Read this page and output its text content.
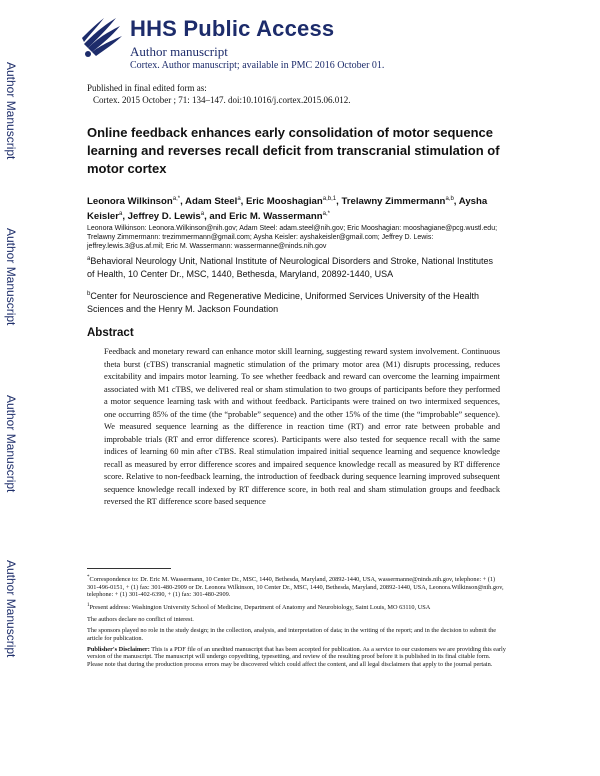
Author Manuscript
Author Manuscript
Author Manuscript
Author Manuscript
HHS Public Access
Author manuscript
Cortex. Author manuscript; available in PMC 2016 October 01.
Published in final edited form as:
Cortex. 2015 October ; 71: 134–147. doi:10.1016/j.cortex.2015.06.012.
Online feedback enhances early consolidation of motor sequence learning and reverses recall deficit from transcranial stimulation of motor cortex
Leonora Wilkinson$^{a,*}$, Adam Steel$^a$, Eric Mooshagian$^{a,b,1}$, Trelawny Zimmermann$^{a,b}$, Aysha Keisler$^a$, Jeffrey D. Lewis$^a$, and Eric M. Wassermann$^{a,*}$
Leonora Wilkinson: Leonora.Wilkinson@nih.gov; Adam Steel: adam.steel@nih.gov; Eric Mooshagian: mooshagianе@pcg.wustl.edu; Trelawny Zimmermann: trezimmermann@gmail.com; Aysha Keisler: ayshakeisler@gmail.com; Jeffrey D. Lewis: jeffrey.lewis.3@us.af.mil; Eric M. Wassermann: wassermanne@ninds.nih.gov
$^a$Behavioral Neurology Unit, National Institute of Neurological Disorders and Stroke, National Institutes of Health, 10 Center Dr., MSC, 1440, Bethesda, Maryland, 20892-1440, USA
$^b$Center for Neuroscience and Regenerative Medicine, Uniformed Services University of the Health Sciences and the Henry M. Jackson Foundation
Abstract
Feedback and monetary reward can enhance motor skill learning, suggesting reward system involvement. Continuous theta burst (cTBS) transcranial magnetic stimulation of the primary motor area (M1) disrupts processing, reduces excitability and impairs motor learning. To see whether feedback and reward can overcome the learning impairment associated with M1 cTBS, we delivered real or sham stimulation to two groups of participants before they performed a motor sequence learning task with and without feedback. Participants were trained on two intermixed sequences, one occurring 85% of the time (the “probable” sequence) and the other 15% of the time (the “improbable” sequence). We measured sequence learning as the difference in reaction time (RT) and error rate between probable and improbable trials (RT and error difference scores). Participants were also tested for sequence recall with the same indices of learning 60 min after cTBS. Real stimulation impaired initial sequence learning and sequence knowledge recall as measured by error difference scores and impaired sequence knowledge recall as measured by RT difference score. Relative to non-feedback learning, the introduction of feedback during sequence learning improved subsequent sequence knowledge recall indexed by RT difference score, in both real and sham stimulation groups and feedback reversed the RT difference score based sequence

*Correspondence to: Dr. Eric M. Wassermann, 10 Center Dr., MSC, 1440, Bethesda, Maryland, 20892-1440, USA, wassermanne@ninds.nih.gov, telephone: + (1) 301-496-0151, + (1) fax: 301-480-2909 or Dr. Leonora Wilkinson, 10 Center Dr., MSC, 1440, Bethesda, Maryland, 20892-1440, USA, Leonora.Wilkinson@nih.gov, telephone: + (1) 301-402-6390, + (1) fax: 301-480-2909.

$^1$Present address: Washington University School of Medicine, Department of Anatomy and Neurobiology, Saint Louis, MO 63110, USA

The authors declare no conflict of interest.

The sponsors played no role in the study design; in the collection, analysis, and interpretation of data; in the writing of the report; and in the decision to submit the article for publication.

Publisher's Disclaimer: This is a PDF file of an unedited manuscript that has been accepted for publication. As a service to our customers we are providing this early version of the manuscript. The manuscript will undergo copyediting, typesetting, and review of the resulting proof before it is published in its final citable form. Please note that during the production process errors may be discovered which could affect the content, and all legal disclaimers that apply to the journal pertain.
